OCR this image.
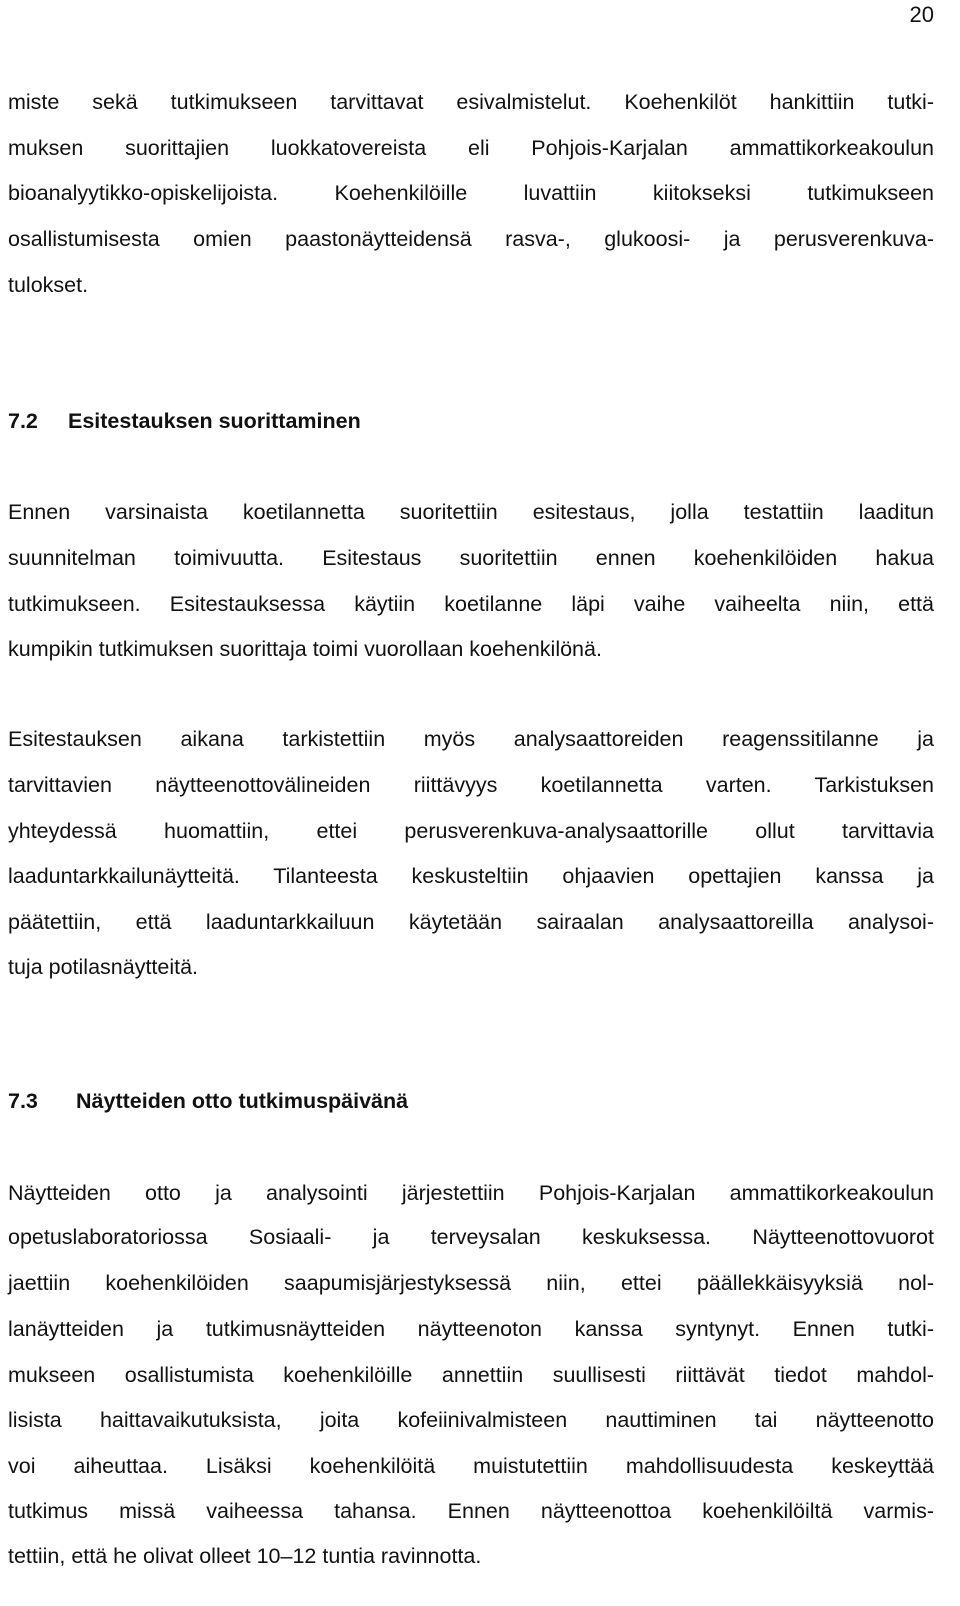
20
miste sekä tutkimukseen tarvittavat esivalmistelut. Koehenkilöt hankittiin tutki-
muksen suorittajien luokkatovereista eli Pohjois-Karjalan ammattikorkeakoulun
bioanalyytikko-opiskelijoista. Koehenkilöille luvattiin kiitokseksi tutkimukseen
osallistumisesta omien paastonäytteidensä rasva-, glukoosi- ja perusverenkuva-
tulokset.
7.2 Esitestauksen suorittaminen
Ennen varsinaista koetilannetta suoritettiin esitestaus, jolla testattiin laaditun
suunnitelman toimivuutta. Esitestaus suoritettiin ennen koehenkilöiden hakua
tutkimukseen. Esitestauksessa käytiin koetilanne läpi vaihe vaiheelta niin, että
kumpikin tutkimuksen suorittaja toimi vuorollaan koehenkilönä.
Esitestauksen aikana tarkistettiin myös analysaattoreiden reagenssitilanne ja
tarvittavien näytteenottovälineiden riittävyys koetilannetta varten. Tarkistuksen
yhteydessä huomattiin, ettei perusverenkuva-analysaattorille ollut tarvittavia
laaduntarkkailunäytteitä. Tilanteesta keskusteltiin ohjaavien opettajien kanssa ja
päätettiin, että laaduntarkkailuun käytetään sairaalan analysaattoreilla analysoi-
tuja potilasnäytteitä.
7.3 Näytteiden otto tutkimuspäivänä
Näytteiden otto ja analysointi järjestettiin Pohjois-Karjalan ammattikorkeakoulun
opetuslaboratoriossa Sosiaali- ja terveysalan keskuksessa. Näytteenottovuorot
jaettiin koehenkilöiden saapumisjärjestyksessä niin, ettei päällekkäisyyksiä nol-
lanäytteiden ja tutkimusnäytteiden näytteenoton kanssa syntynyt. Ennen tutki-
mukseen osallistumista koehenkilöille annettiin suullisesti riittävät tiedot mahdol-
lisista haittavaikutuksista, joita kofeiinivalmisteen nauttiminen tai näytteenotto
voi aiheuttaa. Lisäksi koehenkilöitä muistutettiin mahdollisuudesta keskeyttää
tutkimus missä vaiheessa tahansa. Ennen näytteenottoa koehenkilöiltä varmis-
tettiin, että he olivat olleet 10–12 tuntia ravinnotta.
